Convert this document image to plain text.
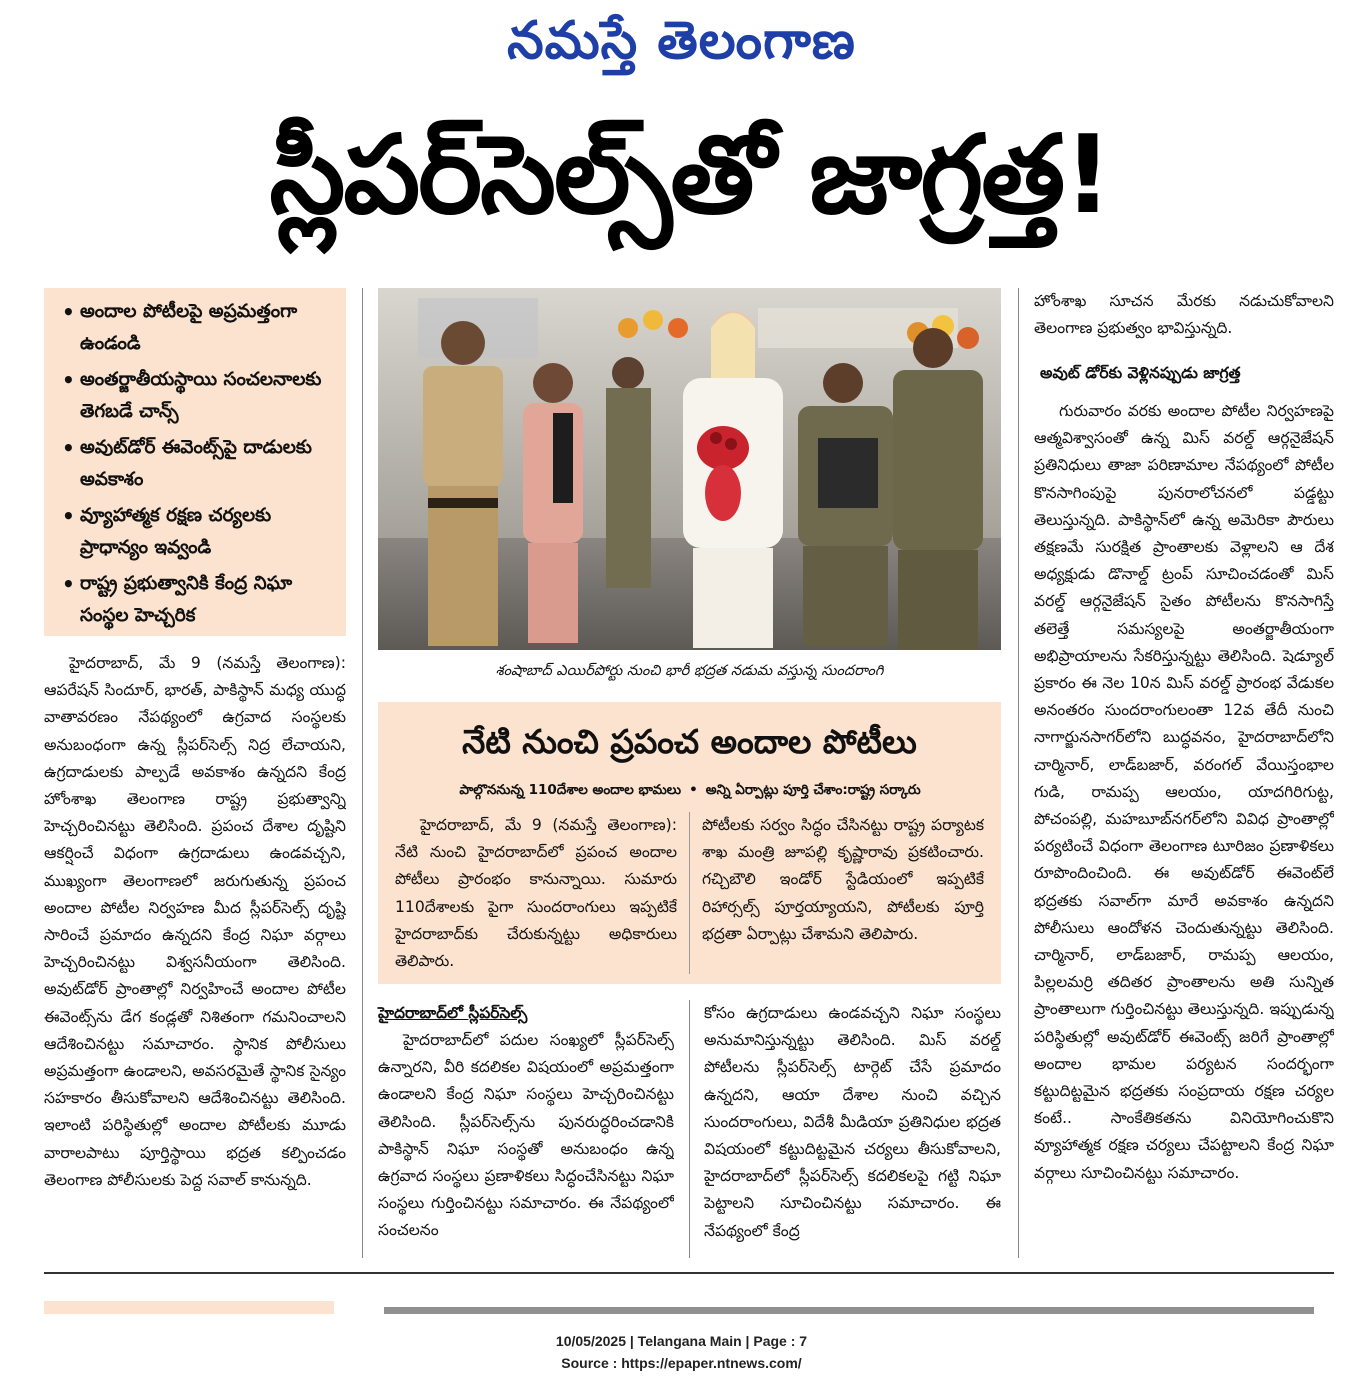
నమస్తే తెలంగాణ
స్లీపర్‌సెల్స్‌తో జాగ్రత్త!
• అందాల పోటీలపై అప్రమత్తంగా ఉండండి
• అంతర్జాతీయస్థాయి సంచలనాలకు తెగబడే చాన్స్‌
• అవుట్‌డోర్‌ ఈవెంట్స్‌పై దాడులకు అవకాశం
• వ్యూహాత్మక రక్షణ చర్యలకు ప్రాధాన్యం ఇవ్వండి
• రాష్ట్ర ప్రభుత్వానికి కేంద్ర నిఘా సంస్థల హెచ్చరిక

హైదరాబాద్‌, మే 9 (నమస్తే తెలంగాణ): ఆపరేషన్‌ సిందూర్‌, భారత్‌, పాకిస్థాన్‌ మధ్య యుద్ధ వాతావరణం నేపథ్యంలో ఉగ్రవాద సంస్థలకు అనుబంధంగా ఉన్న స్లీపర్‌సెల్స్‌ నిద్ర లేచాయని, ఉగ్రదాడులకు పాల్పడే అవకాశం ఉన్నదని కేంద్ర హోంశాఖ తెలంగాణ రాష్ట్ర ప్రభుత్వాన్ని హెచ్చరించినట్టు తెలిసింది. ప్రపంచ దేశాల దృష్టిని ఆకర్షించే విధంగా ఉగ్రదాడులు ఉండవచ్చని, ముఖ్యంగా తెలంగాణలో జరుగుతున్న ప్రపంచ అందాల పోటీల నిర్వహణ మీద స్లీపర్‌సెల్స్‌ దృష్టి సారించే ప్రమాదం ఉన్నదని కేంద్ర నిఘా వర్గాలు హెచ్చరించినట్టు విశ్వసనీయంగా తెలిసింది. అవుట్‌డోర్‌ ప్రాంతాల్లో నిర్వహించే అందాల పోటీల ఈవెంట్స్‌ను డేగ కండ్లతో నిశితంగా గమనించాలని ఆదేశించినట్టు సమాచారం. స్థానిక పోలీసులు అప్రమత్తంగా ఉండాలని, అవసరమైతే స్థానిక సైన్యం సహకారం తీసుకోవాలని ఆదేశించినట్టు తెలిసింది. ఇలాంటి పరిస్థితుల్లో అందాల పోటీలకు మూడు వారాలపాటు పూర్తిస్థాయి భద్రత కల్పించడం తెలంగాణ పోలీసులకు పెద్ద సవాల్‌ కానున్నది.

శంషాబాద్‌ ఎయిర్‌పోర్టు నుంచి భారీ భద్రత నడుమ వస్తున్న సుందరాంగి
నేటి నుంచి ప్రపంచ అందాల పోటీలు
పాల్గొననున్న 110దేశాల అందాల భామలు • అన్ని ఏర్పాట్లు పూర్తి చేశాం:రాష్ట్ర సర్కారు

హైదరాబాద్‌, మే 9 (నమస్తే తెలంగాణ): నేటి నుంచి హైదరాబాద్‌లో ప్రపంచ అందాల పోటీలు ప్రారంభం కానున్నాయి. సుమారు 110దేశాలకు పైగా సుందరాంగులు ఇప్పటికే హైదరాబాద్‌కు చేరుకున్నట్టు అధికారులు తెలిపారు.

పోటీలకు సర్వం సిద్ధం చేసినట్టు రాష్ట్ర పర్యాటక శాఖ మంత్రి జూపల్లి కృష్ణారావు ప్రకటించారు. గచ్చిబౌలి ఇండోర్‌ స్టేడియంలో ఇప్పటికే రిహార్సల్స్‌ పూర్తయ్యాయని, పోటీలకు పూర్తి భద్రతా ఏర్పాట్లు చేశామని తెలిపారు.

హైదరాబాద్‌లో స్లీపర్‌సెల్స్‌

హైదరాబాద్‌లో పదుల సంఖ్యలో స్లీపర్‌సెల్స్‌ ఉన్నారని, వీరి కదలికల విషయంలో అప్రమత్తంగా ఉండాలని కేంద్ర నిఘా సంస్థలు హెచ్చరించినట్టు తెలిసింది. స్లీపర్‌సెల్స్‌ను పునరుద్ధరించడానికి పాకిస్థాన్‌ నిఘా సంస్థతో అనుబంధం ఉన్న ఉగ్రవాద సంస్థలు ప్రణాళికలు సిద్ధంచేసినట్టు నిఘా సంస్థలు గుర్తించినట్టు సమాచారం. ఈ నేపథ్యంలో సంచలనం

కోసం ఉగ్రదాడులు ఉండవచ్చని నిఘా సంస్థలు అనుమానిస్తున్నట్టు తెలిసింది. మిస్‌ వరల్డ్‌ పోటీలను స్లీపర్‌సెల్స్‌ టార్గెట్‌ చేసే ప్రమాదం ఉన్నదని, ఆయా దేశాల నుంచి వచ్చిన సుందరాంగులు, విదేశీ మీడియా ప్రతినిధుల భద్రత విషయంలో కట్టుదిట్టమైన చర్యలు తీసుకోవాలని, హైదరాబాద్‌లో స్లీపర్‌సెల్స్‌ కదలికలపై గట్టి నిఘా పెట్టాలని సూచించినట్టు సమాచారం. ఈ నేపథ్యంలో కేంద్ర

హోంశాఖ సూచన మేరకు నడుచుకోవాలని తెలంగాణ ప్రభుత్వం భావిస్తున్నది.

అవుట్‌ డోర్‌కు వెళ్లినప్పుడు జాగ్రత్త

గురువారం వరకు అందాల పోటీల నిర్వహణపై ఆత్మవిశ్వాసంతో ఉన్న మిస్‌ వరల్డ్‌ ఆర్గనైజేషన్‌ ప్రతినిధులు తాజా పరిణామాల నేపథ్యంలో పోటీల కొనసాగింపుపై పునరాలోచనలో పడ్డట్టు తెలుస్తున్నది. పాకిస్థాన్‌లో ఉన్న అమెరికా పౌరులు తక్షణమే సురక్షిత ప్రాంతాలకు వెళ్లాలని ఆ దేశ అధ్యక్షుడు డొనాల్డ్‌ ట్రంప్‌ సూచించడంతో మిస్‌ వరల్డ్‌ ఆర్గనైజేషన్‌ సైతం పోటీలను కొనసాగిస్తే తలెత్తే సమస్యలపై అంతర్జాతీయంగా అభిప్రాయాలను సేకరిస్తున్నట్టు తెలిసింది. షెడ్యూల్‌ ప్రకారం ఈ నెల 10న మిస్‌ వరల్డ్‌ ప్రారంభ వేడుకల అనంతరం సుందరాంగులంతా 12వ తేదీ నుంచి నాగార్జునసాగర్‌లోని బుద్ధవనం, హైదరాబాద్‌లోని చార్మినార్‌, లాడ్‌బజార్‌, వరంగల్‌ వేయిస్తంభాల గుడి, రామప్ప ఆలయం, యాదగిరిగుట్ట, పోచంపల్లి, మహబూబ్‌నగర్‌లోని వివిధ ప్రాంతాల్లో పర్యటించే విధంగా తెలంగాణ టూరిజం ప్రణాళికలు రూపొందించింది. ఈ అవుట్‌డోర్‌ ఈవెంట్‌లే భద్రతకు సవాల్‌గా మారే అవకాశం ఉన్నదని పోలీసులు ఆందోళన చెందుతున్నట్టు తెలిసింది. చార్మినార్‌, లాడ్‌బజార్‌, రామప్ప ఆలయం, పిల్లలమర్రి తదితర ప్రాంతాలను అతి సున్నిత ప్రాంతాలుగా గుర్తించినట్టు తెలుస్తున్నది. ఇప్పుడున్న పరిస్థితుల్లో అవుట్‌డోర్‌ ఈవెంట్స్‌ జరిగే ప్రాంతాల్లో అందాల భామల పర్యటన సందర్భంగా కట్టుదిట్టమైన భద్రతకు సంప్రదాయ రక్షణ చర్యల కంటే.. సాంకేతికతను వినియోగించుకొని వ్యూహాత్మక రక్షణ చర్యలు చేపట్టాలని కేంద్ర నిఘా వర్గాలు సూచించినట్టు సమాచారం.

10/05/2025 | Telangana Main | Page : 7
Source : https://epaper.ntnews.com/
